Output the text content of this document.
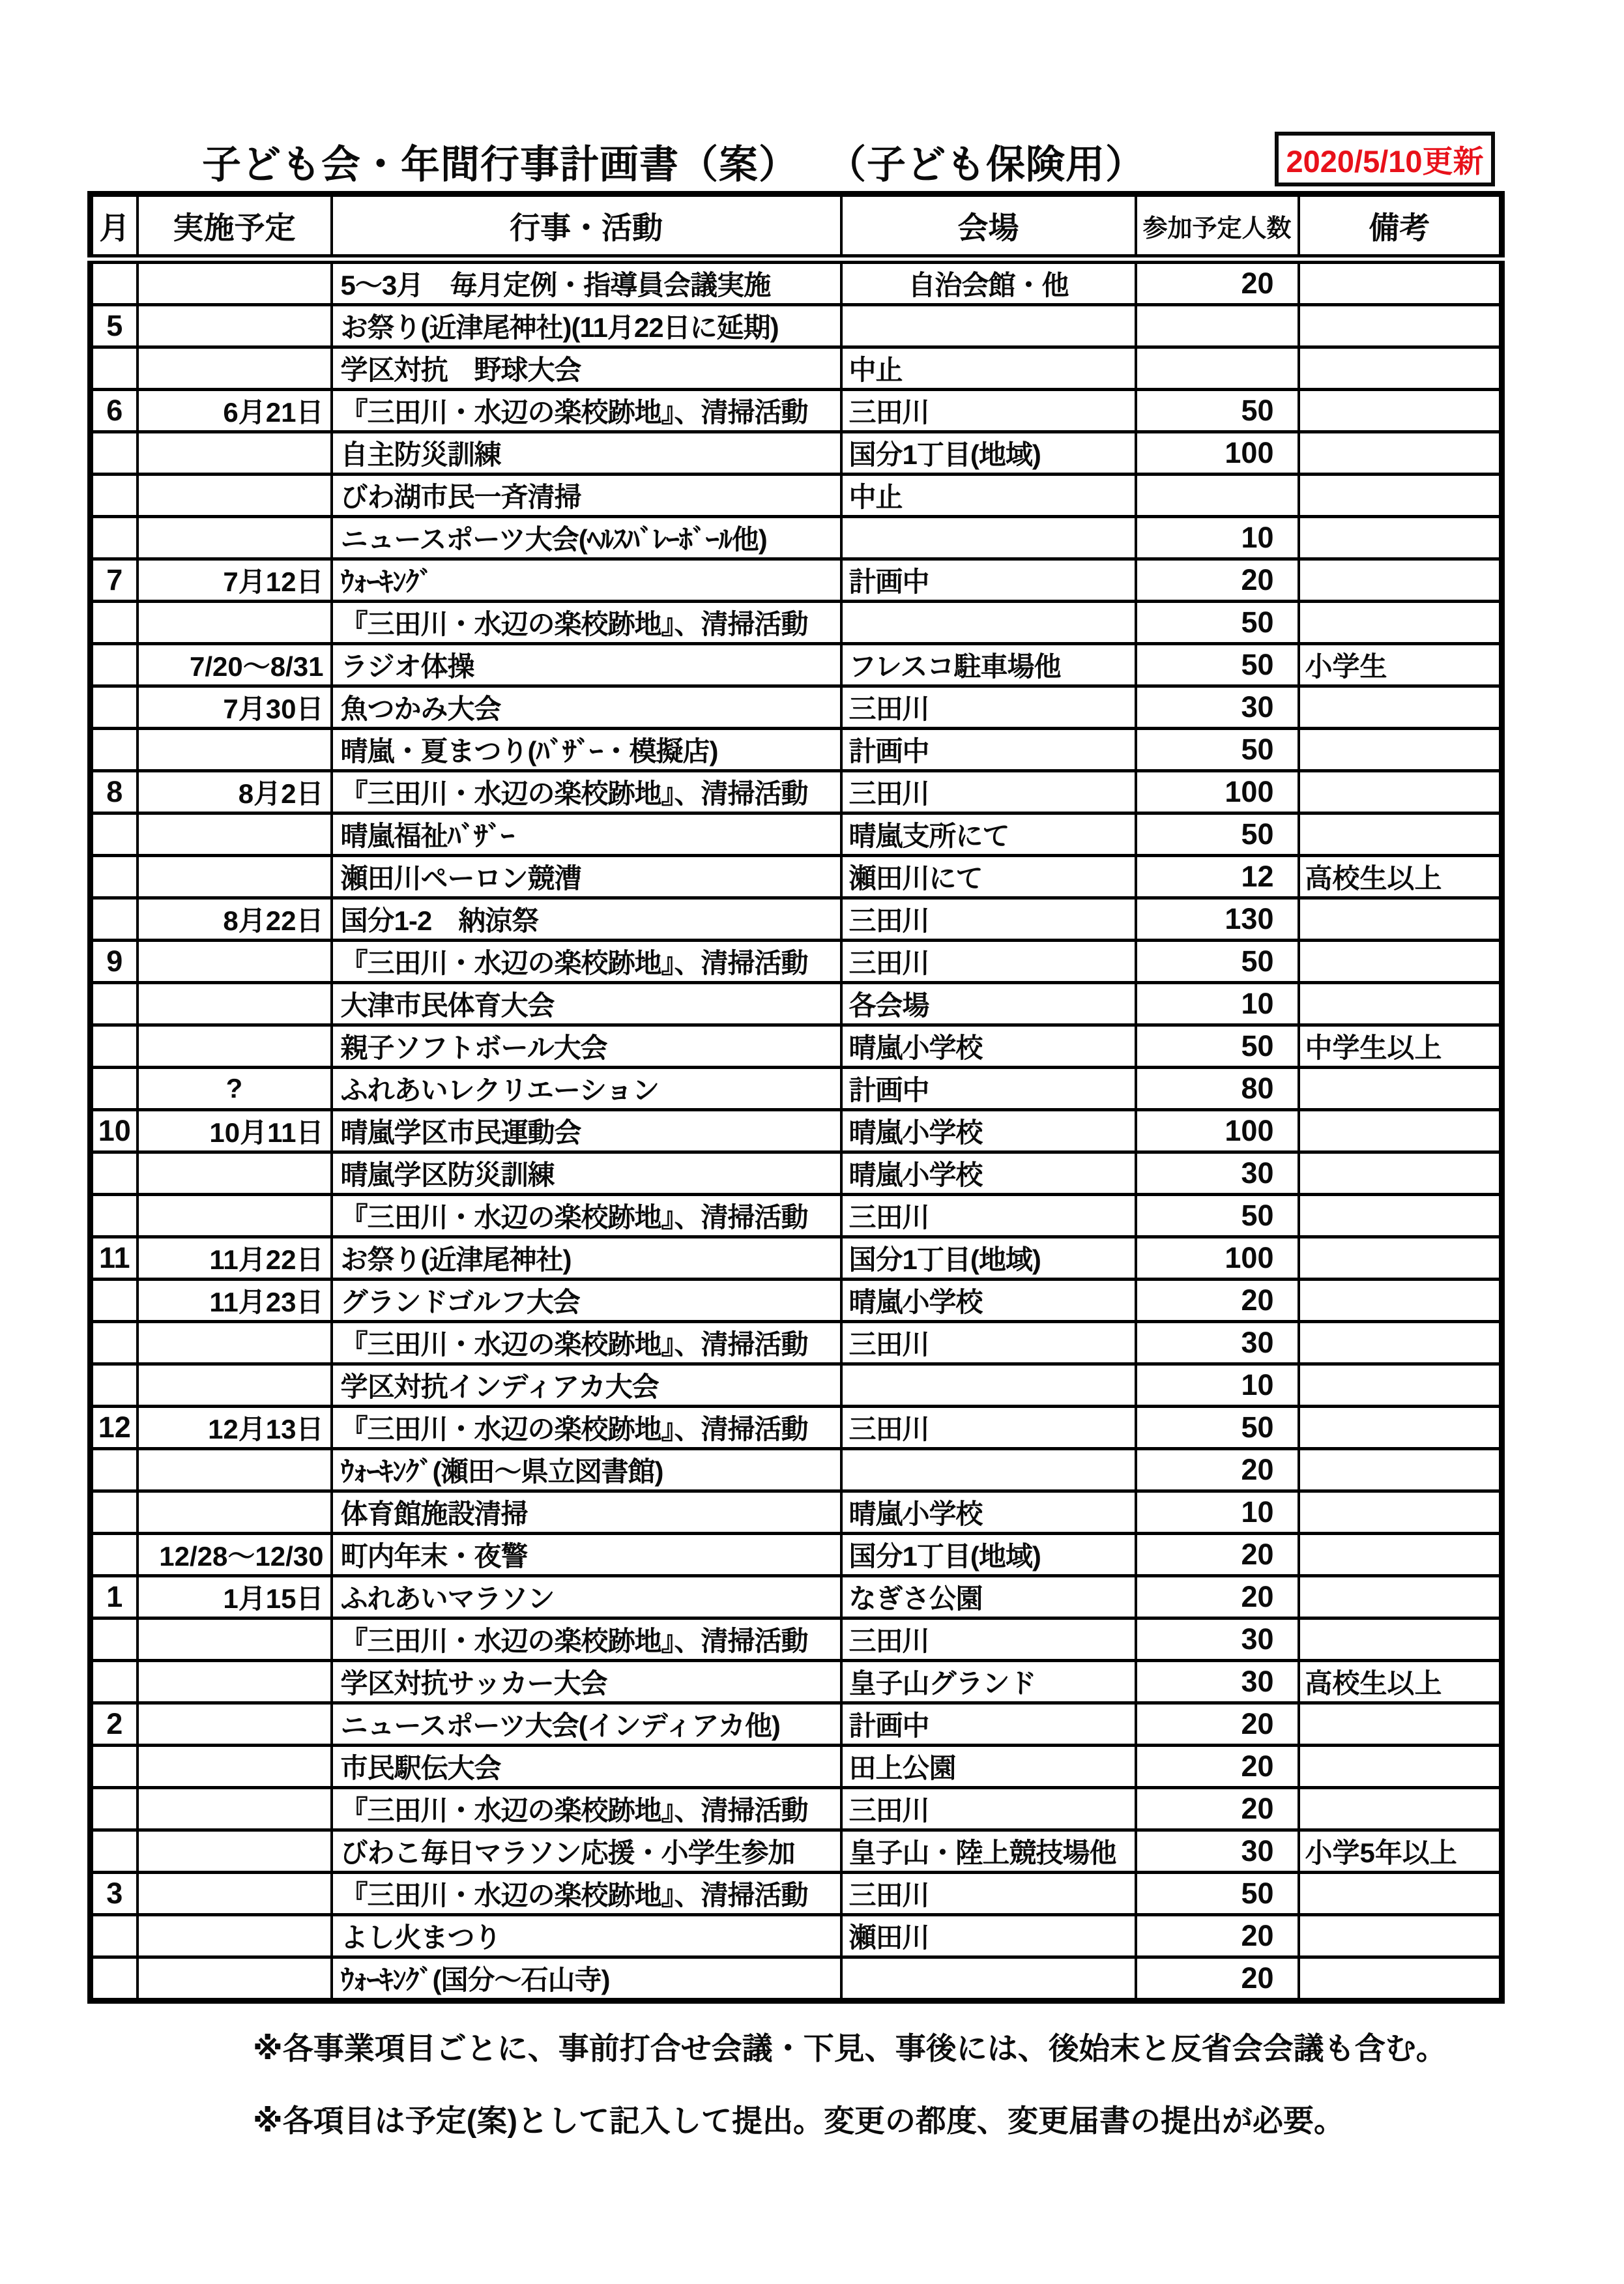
子ども会・年間行事計画書（案） （子ども保険用）	2020/5/10更新
月	実施予定	行事・活動	会場	参加予定人数	備考
		5～3月　毎月定例・指導員会議実施	自治会館・他	20	
5		お祭り(近津尾神社)(11月22日に延期)			
		学区対抗　野球大会	中止		
6	6月21日	『三田川・水辺の楽校跡地』、清掃活動	三田川	50	
		自主防災訓練	国分1丁目(地域)	100	
		びわ湖市民一斉清掃	中止		
		ニュースポーツ大会(ﾍﾙｽﾊﾞﾚｰﾎﾞｰﾙ他)		10	
7	7月12日	ｳｫｰｷﾝｸﾞ	計画中	20	
		『三田川・水辺の楽校跡地』、清掃活動		50	
	7/20～8/31	ラジオ体操	フレスコ駐車場他	50	小学生
	7月30日	魚つかみ大会	三田川	30	
		晴嵐・夏まつり(ﾊﾞｻﾞｰ・模擬店)	計画中	50	
8	8月2日	『三田川・水辺の楽校跡地』、清掃活動	三田川	100	
		晴嵐福祉ﾊﾞｻﾞｰ	晴嵐支所にて	50	
		瀬田川ペーロン競漕	瀬田川にて	12	高校生以上
	8月22日	国分1-2　納涼祭	三田川	130	
9		『三田川・水辺の楽校跡地』、清掃活動	三田川	50	
		大津市民体育大会	各会場	10	
		親子ソフトボール大会	晴嵐小学校	50	中学生以上
	?	ふれあいレクリエーション	計画中	80	
10	10月11日	晴嵐学区市民運動会	晴嵐小学校	100	
		晴嵐学区防災訓練	晴嵐小学校	30	
		『三田川・水辺の楽校跡地』、清掃活動	三田川	50	
11	11月22日	お祭り(近津尾神社)	国分1丁目(地域)	100	
	11月23日	グランドゴルフ大会	晴嵐小学校	20	
		『三田川・水辺の楽校跡地』、清掃活動	三田川	30	
		学区対抗インディアカ大会		10	
12	12月13日	『三田川・水辺の楽校跡地』、清掃活動	三田川	50	
		ｳｫｰｷﾝｸﾞ(瀬田～県立図書館)		20	
		体育館施設清掃	晴嵐小学校	10	
	12/28～12/30	町内年末・夜警	国分1丁目(地域)	20	
1	1月15日	ふれあいマラソン	なぎさ公園	20	
		『三田川・水辺の楽校跡地』、清掃活動	三田川	30	
		学区対抗サッカー大会	皇子山グランド	30	高校生以上
2		ニュースポーツ大会(インディアカ他)	計画中	20	
		市民駅伝大会	田上公園	20	
		『三田川・水辺の楽校跡地』、清掃活動	三田川	20	
		びわこ毎日マラソン応援・小学生参加	皇子山・陸上競技場他	30	小学5年以上
3		『三田川・水辺の楽校跡地』、清掃活動	三田川	50	
		よし火まつり	瀬田川	20	
		ｳｫｰｷﾝｸﾞ(国分～石山寺)		20	
※各事業項目ごとに、事前打合せ会議・下見、事後には、後始末と反省会会議も含む。
※各項目は予定(案)として記入して提出。変更の都度、変更届書の提出が必要。
